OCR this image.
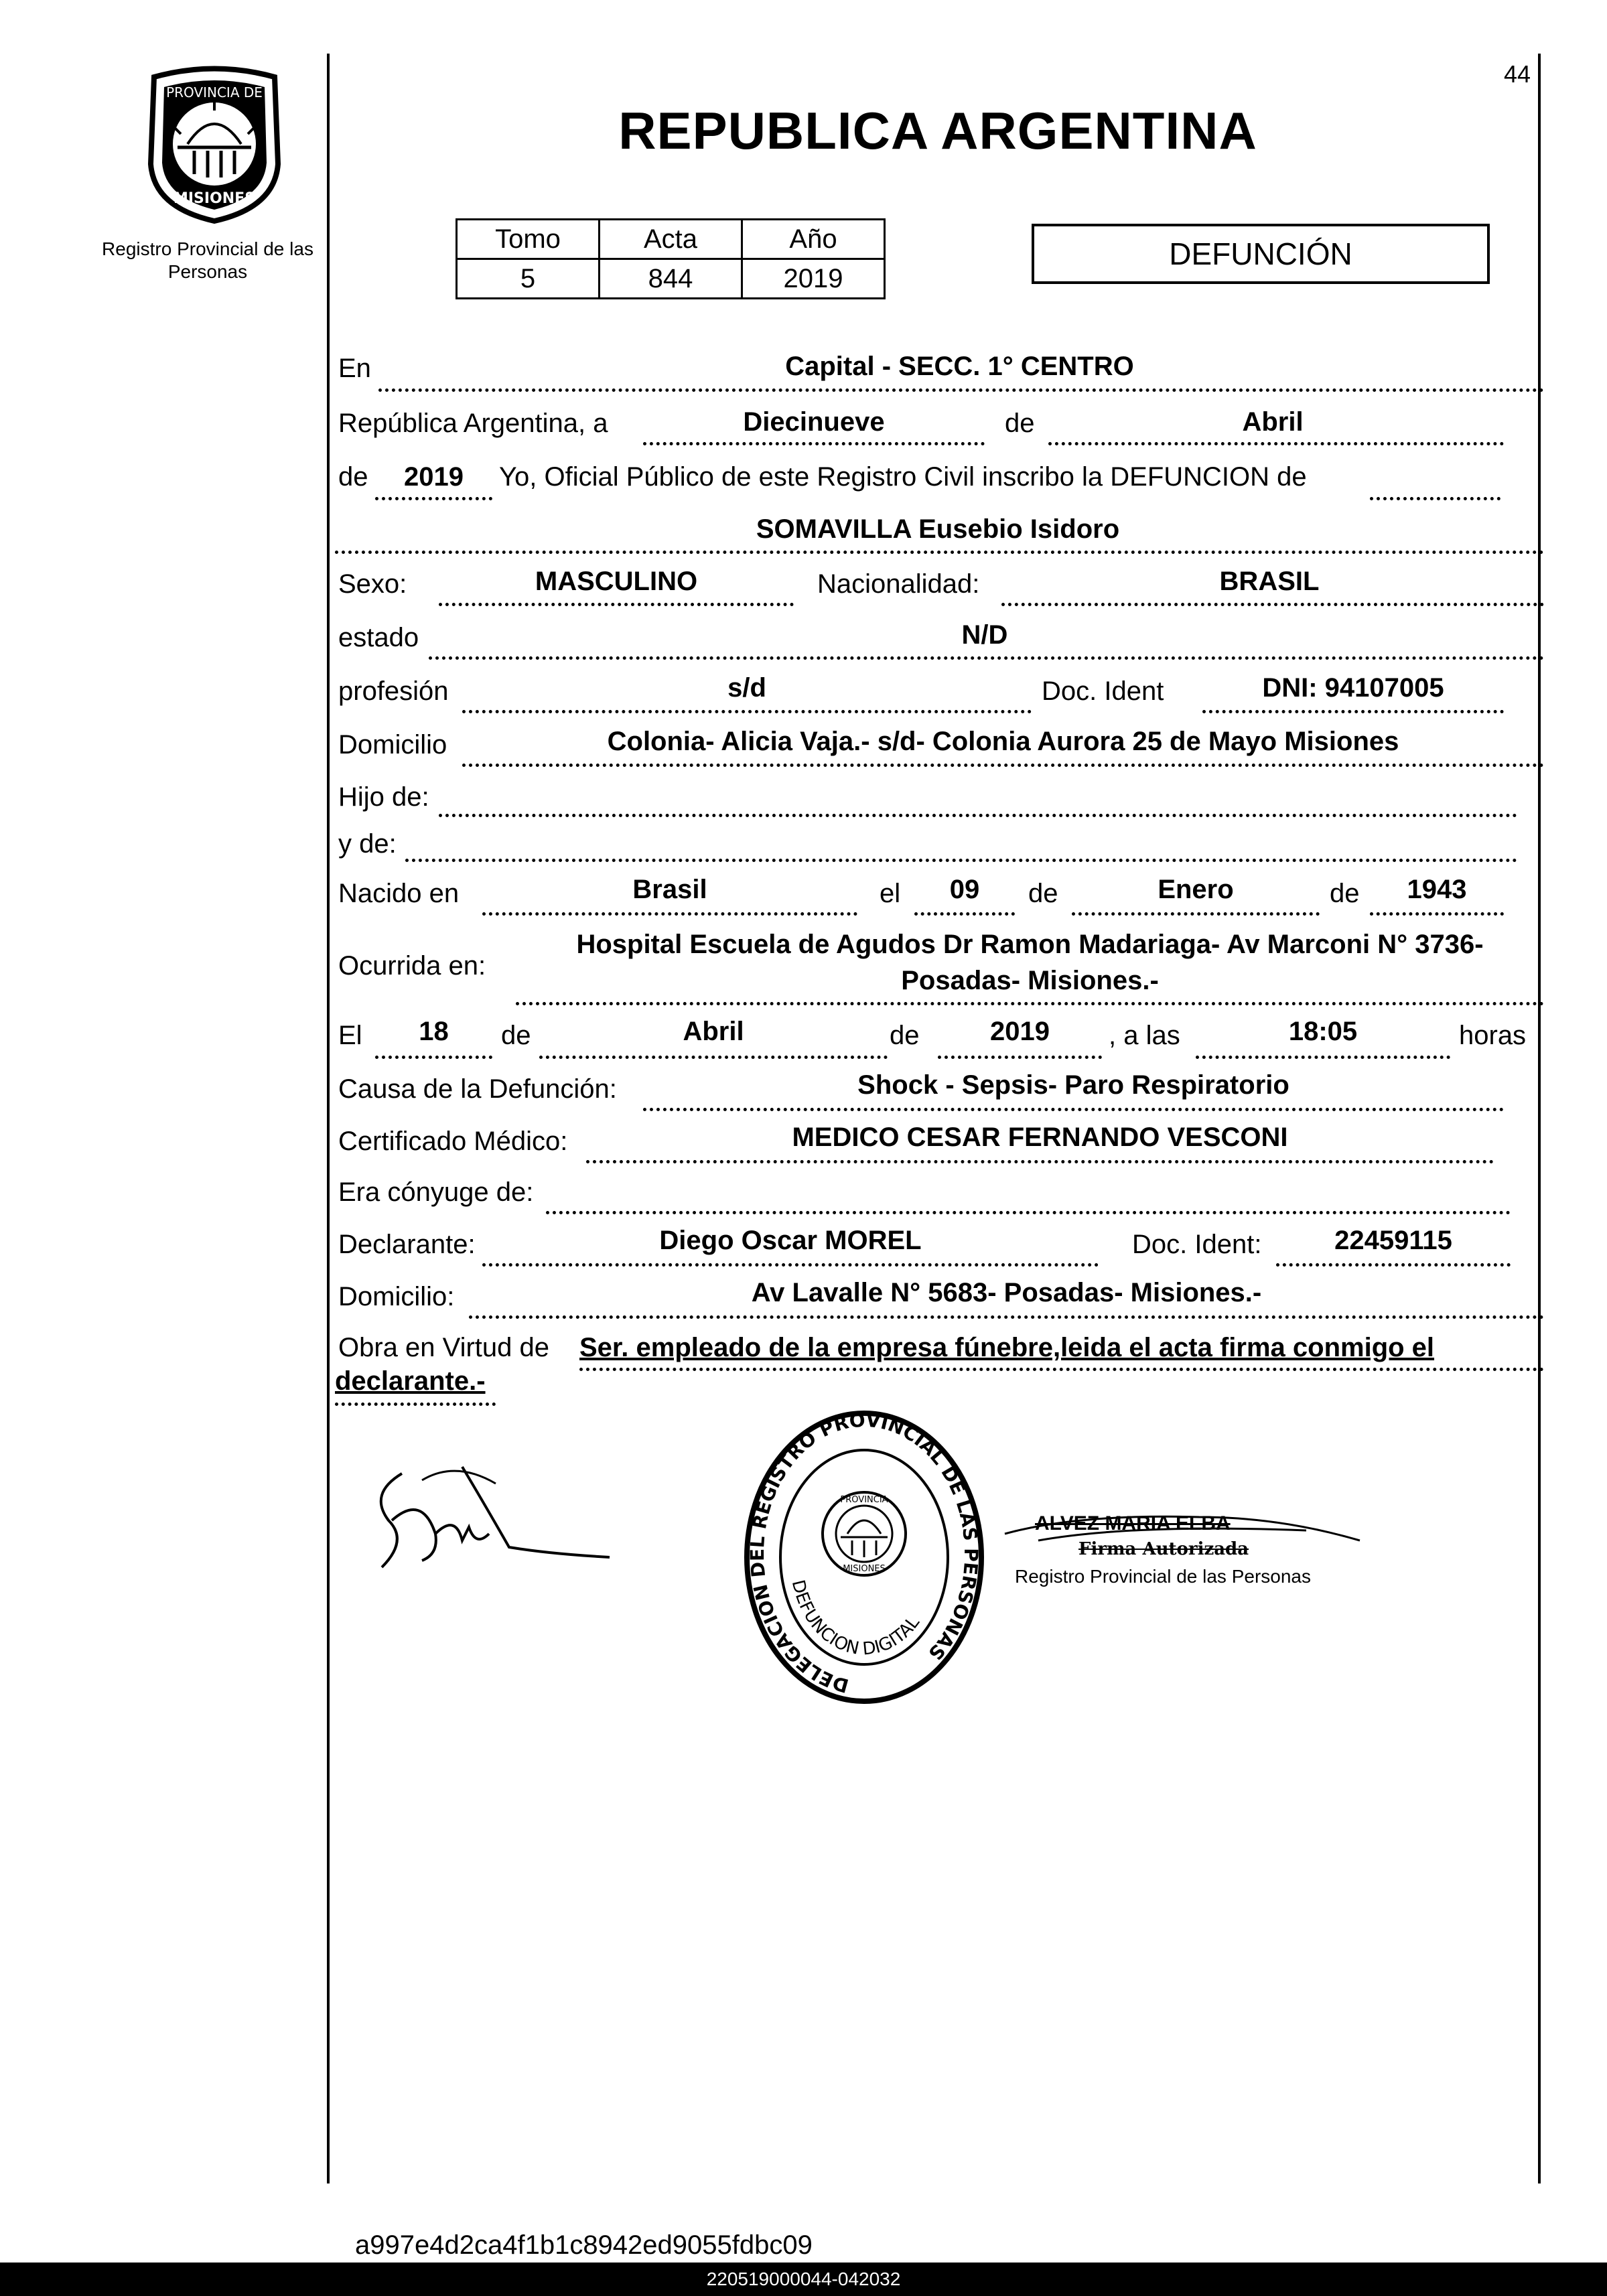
PROVINCIA DE
MISIONES
Registro Provincial de las Personas
44
REPUBLICA ARGENTINA
Tomo	Acta	Año
5	844	2019
DEFUNCIÓN
En	Capital - SECC. 1° CENTRO
República Argentina, a	Diecinueve	de	Abril
de	2019	Yo, Oficial Público de este Registro Civil inscribo la DEFUNCION de
SOMAVILLA Eusebio Isidoro
Sexo:	MASCULINO	Nacionalidad:	BRASIL
estado	N/D
profesión	s/d	Doc. Ident	DNI: 94107005
Domicilio	Colonia- Alicia Vaja.- s/d- Colonia Aurora 25 de Mayo Misiones
Hijo de:
y de:
Nacido en	Brasil	el	09	de	Enero	de	1943
Ocurrida en:
Hospital Escuela de Agudos Dr Ramon Madariaga- Av Marconi N° 3736-
Posadas- Misiones.-
El	18	de	Abril	de	2019	, a las	18:05	horas
Causa de la Defunción:	Shock - Sepsis- Paro Respiratorio
Certificado Médico:	MEDICO CESAR FERNANDO VESCONI
Era cónyuge de:
Declarante:	Diego Oscar MOREL	Doc. Ident:	22459115
Domicilio:	Av Lavalle N° 5683- Posadas- Misiones.-
Obra en Virtud de Ser. empleado de la empresa fúnebre,leida el acta firma conmigo el
declarante.-
DELEGACION DEL REGISTRO PROVINCIAL DE LAS PERSONAS
DEFUNCION DIGITAL
PROVINCIA
MISIONES
ALVEZ MARIA ELBA
Firma Autorizada
Registro Provincial de las Personas
a997e4d2ca4f1b1c8942ed9055fdbc09
220519000044-042032
